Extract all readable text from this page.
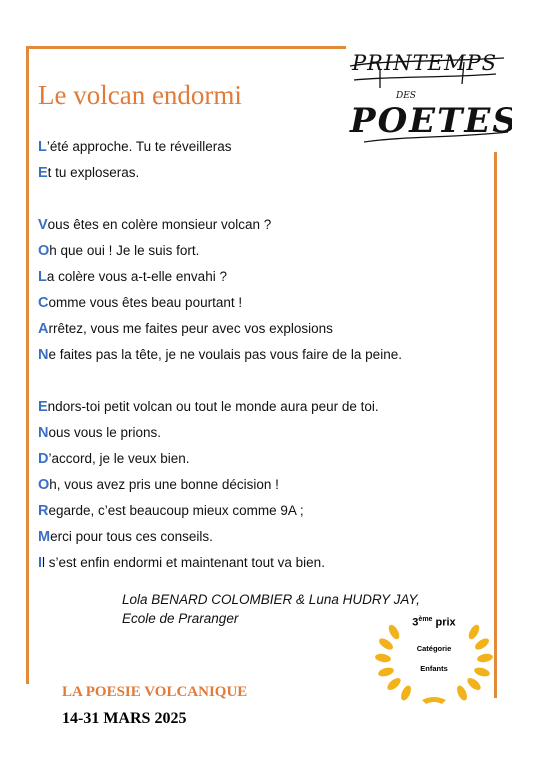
PRINTEMPS
DES
POETES
Le volcan endormi
L’été approche. Tu te réveilleras
Et tu exploseras.
Vous êtes en colère monsieur volcan ?
Oh que oui ! Je le suis fort.
La colère vous a-t-elle envahi ?
Comme vous êtes beau pourtant !
Arrêtez, vous me faites peur avec vos explosions
Ne faites pas la tête, je ne voulais pas vous faire de la peine.
Endors-toi petit volcan ou tout le monde aura peur de toi.
Nous vous le prions.
D’accord, je le veux bien.
Oh, vous avez pris une bonne décision !
Regarde, c’est beaucoup mieux comme 9A ;
Merci pour tous ces conseils.
Il s’est enfin endormi et maintenant tout va bien.
Lola BENARD COLOMBIER & Luna HUDRY JAY,
Ecole de Praranger	3ème prix
Catégorie
Enfants
LA POESIE VOLCANIQUE
14-31 MARS 2025
